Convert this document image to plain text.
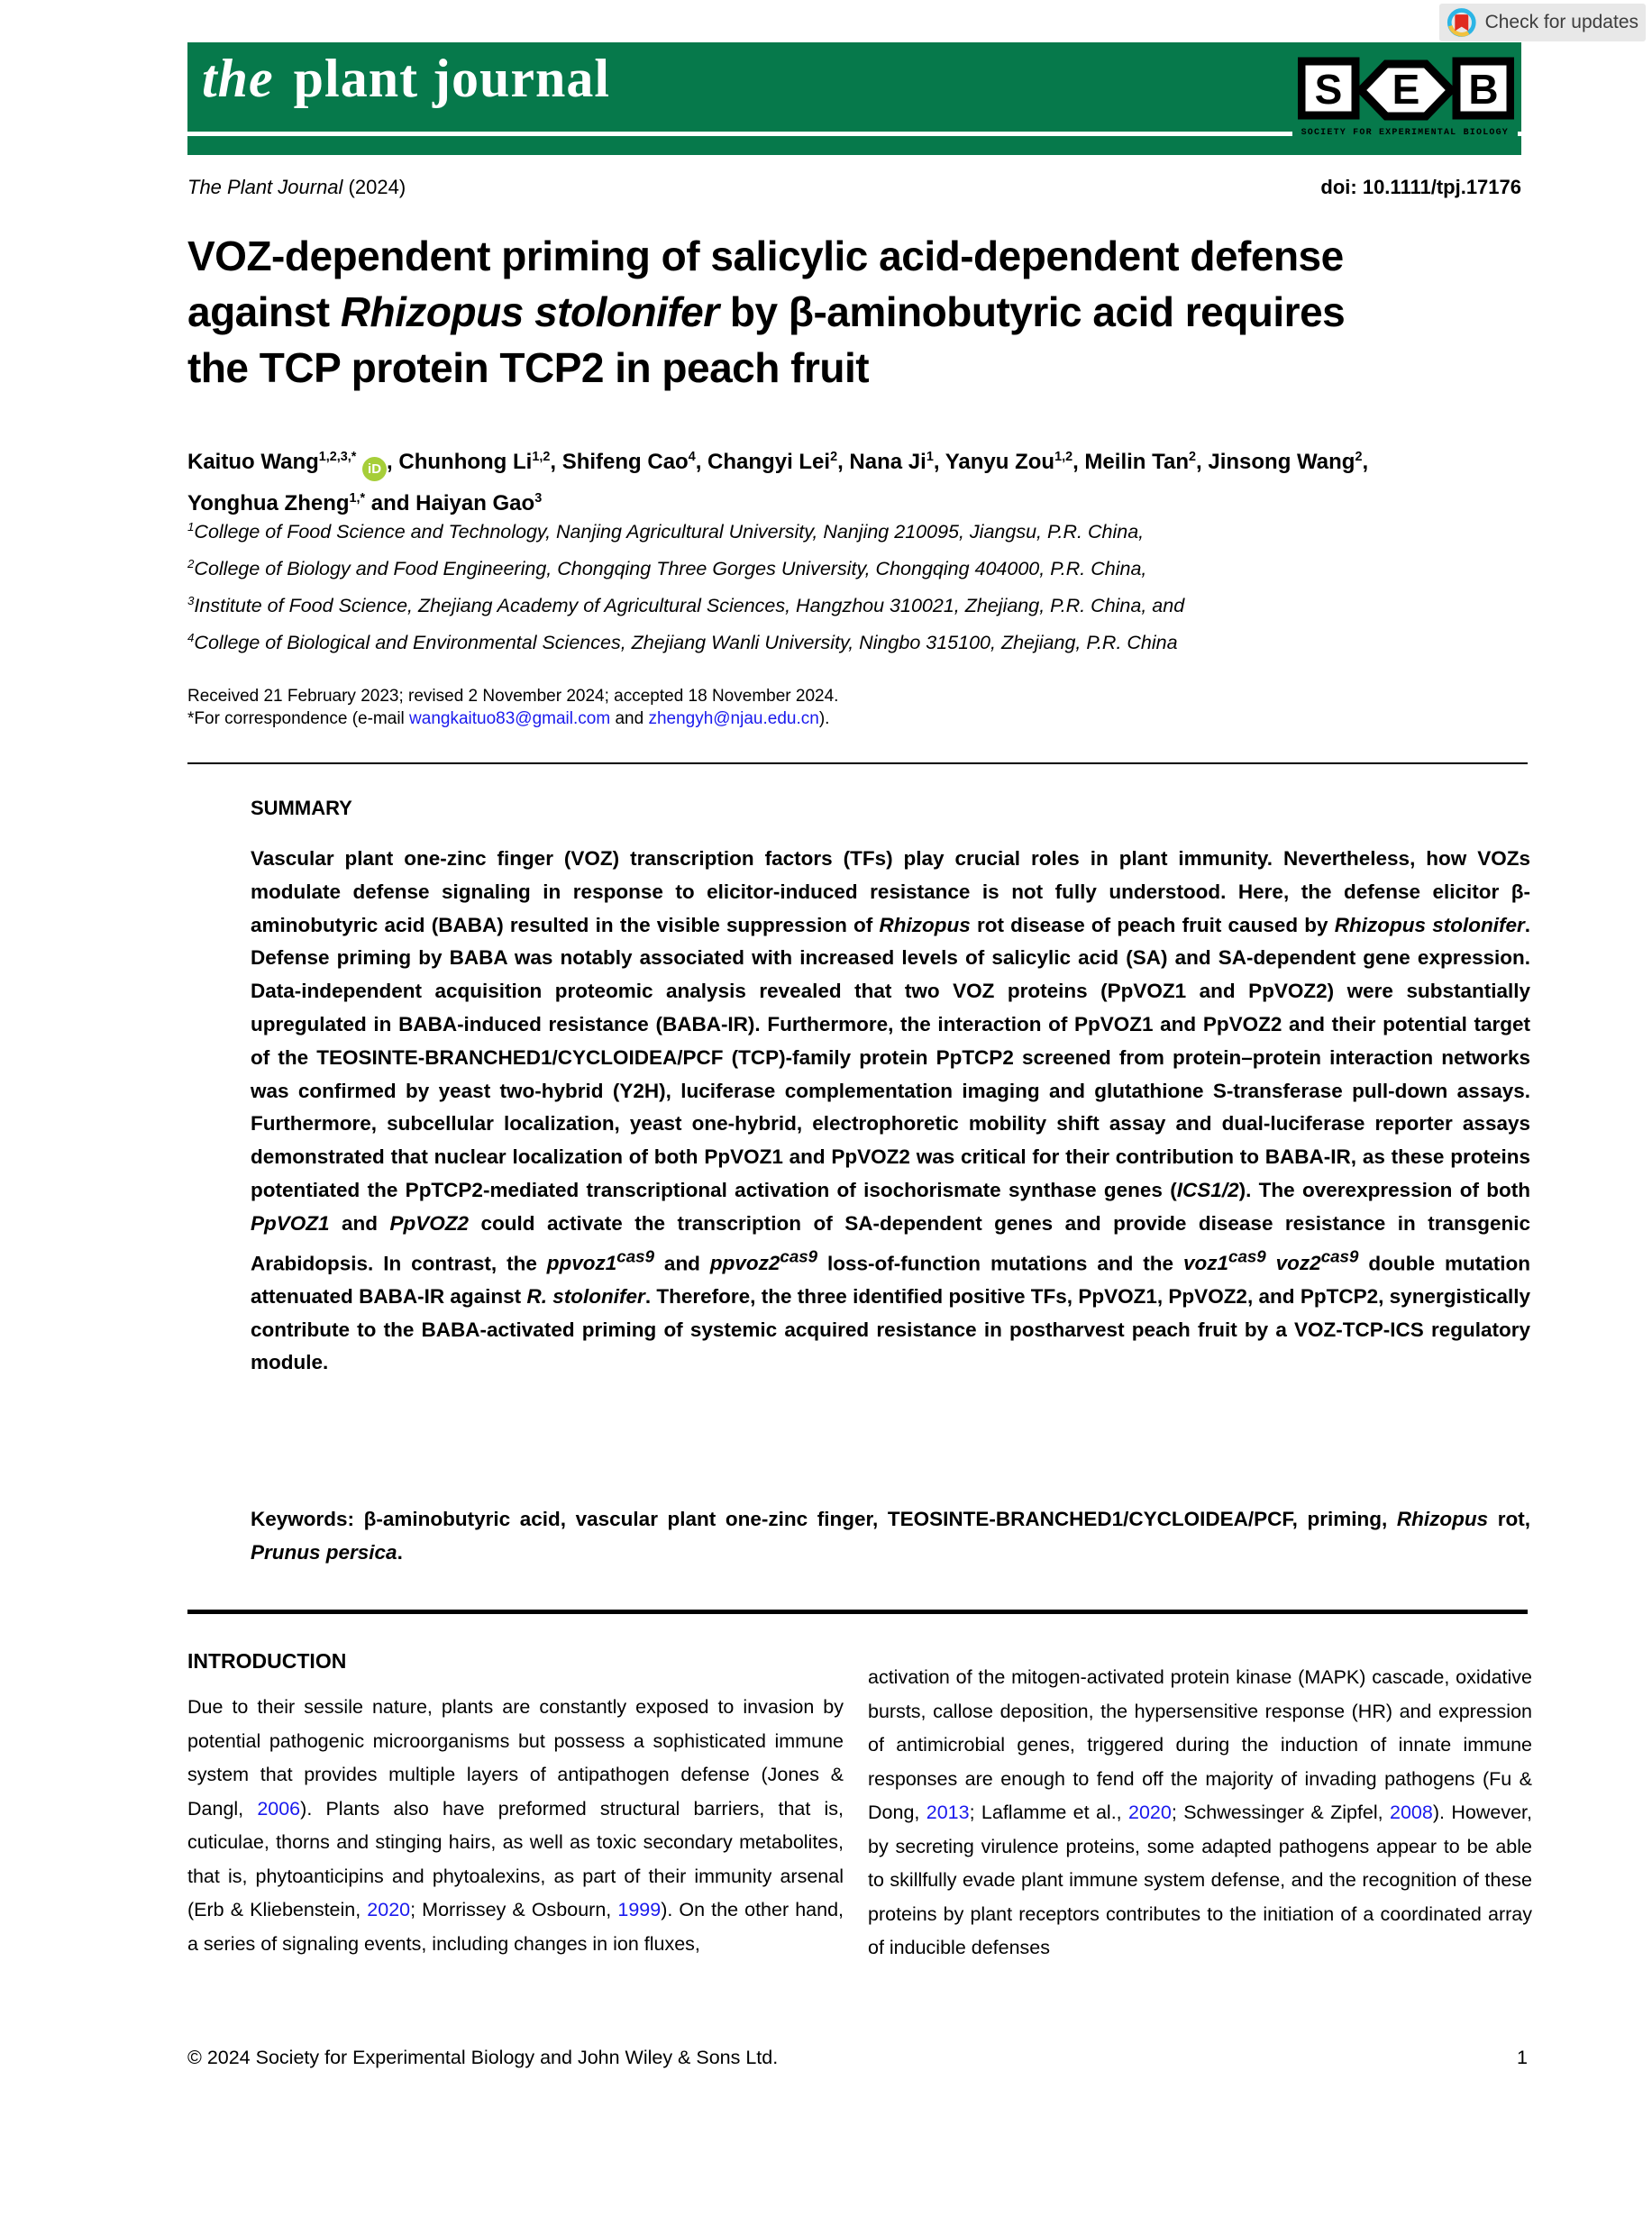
Check for updates
the plant journal	S E B
SOCIETY FOR EXPERIMENTAL BIOLOGY
The Plant Journal (2024)	doi: 10.1111/tpj.17176
VOZ-dependent priming of salicylic acid-dependent defense
against Rhizopus stolonifer by β-aminobutyric acid requires
the TCP protein TCP2 in peach fruit
Kaituo Wang$^{1,2,3,*}$ iD , Chunhong Li$^{1,2}$, Shifeng Cao$^4$, Changyi Lei$^2$, Nana Ji$^1$, Yanyu Zou$^{1,2}$, Meilin Tan$^2$, Jinsong Wang$^2$,
Yonghua Zheng$^{1,*}$ and Haiyan Gao$^3$
$^1$College of Food Science and Technology, Nanjing Agricultural University, Nanjing 210095, Jiangsu, P.R. China,
$^2$College of Biology and Food Engineering, Chongqing Three Gorges University, Chongqing 404000, P.R. China,
$^3$Institute of Food Science, Zhejiang Academy of Agricultural Sciences, Hangzhou 310021, Zhejiang, P.R. China, and
$^4$College of Biological and Environmental Sciences, Zhejiang Wanli University, Ningbo 315100, Zhejiang, P.R. China
Received 21 February 2023; revised 2 November 2024; accepted 18 November 2024.
*For correspondence (e-mail wangkaituo83@gmail.com and zhengyh@njau.edu.cn).
SUMMARY
Vascular plant one-zinc finger (VOZ) transcription factors (TFs) play crucial roles in plant immunity. Nevertheless, how VOZs modulate defense signaling in response to elicitor-induced resistance is not fully understood. Here, the defense elicitor β-aminobutyric acid (BABA) resulted in the visible suppression of Rhizopus rot disease of peach fruit caused by Rhizopus stolonifer. Defense priming by BABA was notably associated with increased levels of salicylic acid (SA) and SA-dependent gene expression. Data-independent acquisition proteomic analysis revealed that two VOZ proteins (PpVOZ1 and PpVOZ2) were substantially upregulated in BABA-induced resistance (BABA-IR). Furthermore, the interaction of PpVOZ1 and PpVOZ2 and their potential target of the TEOSINTE-BRANCHED1/CYCLOIDEA/PCF (TCP)-family protein PpTCP2 screened from protein–protein interaction networks was confirmed by yeast two-hybrid (Y2H), luciferase complementation imaging and glutathione S-transferase pull-down assays. Furthermore, subcellular localization, yeast one-hybrid, electrophoretic mobility shift assay and dual-luciferase reporter assays demonstrated that nuclear localization of both PpVOZ1 and PpVOZ2 was critical for their contribution to BABA-IR, as these proteins potentiated the PpTCP2-mediated transcriptional activation of isochorismate synthase genes (ICS1/2). The overexpression of both PpVOZ1 and PpVOZ2 could activate the transcription of SA-dependent genes and provide disease resistance in transgenic Arabidopsis. In contrast, the $ppvoz1^{cas9}$ and $ppvoz2^{cas9}$ loss-of-function mutations and the $voz1^{cas9}$ $voz2^{cas9}$ double mutation attenuated BABA-IR against R. stolonifer. Therefore, the three identified positive TFs, PpVOZ1, PpVOZ2, and PpTCP2, synergistically contribute to the BABA-activated priming of systemic acquired resistance in postharvest peach fruit by a VOZ-TCP-ICS regulatory module.
Keywords: β-aminobutyric acid, vascular plant one-zinc finger, TEOSINTE-BRANCHED1/CYCLOIDEA/PCF, priming, Rhizopus rot, Prunus persica.
INTRODUCTION
Due to their sessile nature, plants are constantly exposed to invasion by potential pathogenic microorganisms but possess a sophisticated immune system that provides multiple layers of antipathogen defense (Jones & Dangl, 2006). Plants also have preformed structural barriers, that is, cuticulae, thorns and stinging hairs, as well as toxic secondary metabolites, that is, phytoanticipins and phytoalexins, as part of their immunity arsenal (Erb & Kliebenstein, 2020; Morrissey & Osbourn, 1999). On the other hand, a series of signaling events, including changes in ion fluxes,
activation of the mitogen-activated protein kinase (MAPK) cascade, oxidative bursts, callose deposition, the hypersensitive response (HR) and expression of antimicrobial genes, triggered during the induction of innate immune responses are enough to fend off the majority of invading pathogens (Fu & Dong, 2013; Laflamme et al., 2020; Schwessinger & Zipfel, 2008). However, by secreting virulence proteins, some adapted pathogens appear to be able to skillfully evade plant immune system defense, and the recognition of these proteins by plant receptors contributes to the initiation of a coordinated array of inducible defenses
© 2024 Society for Experimental Biology and John Wiley & Sons Ltd.	1
